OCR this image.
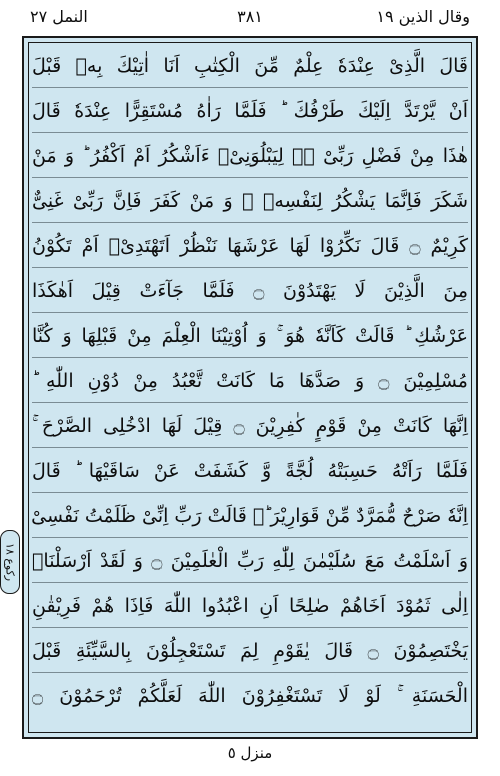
وقال الذين ١٩
٣٨١
النمل ٢٧
قَالَ الَّذِیْ عِنْدَهٗ عِلْمٌ مِّنَ الْكِتٰبِ اَنَا اٰتِیْكَ بِهٖ قَبْلَ
اَنْ یَّرْتَدَّ اِلَیْكَ طَرْفُكَ ؕ فَلَمَّا رَاٰهُ مُسْتَقِرًّا عِنْدَهٗ قَالَ
هٰذَا مِنْ فَضْلِ رَبِّیْ ۖ۫ لِیَبْلُوَنِیْۤ ءَاَشْكُرُ اَمْ اَكْفُرُ ؕ وَ مَنْ
شَكَرَ فَاِنَّمَا یَشْكُرُ لِنَفْسِهٖ ۚ وَ مَنْ كَفَرَ فَاِنَّ رَبِّیْ غَنِیٌّ
كَرِیْمٌ ۝ قَالَ نَكِّرُوْا لَهَا عَرْشَهَا نَنْظُرْ اَتَهْتَدِیْۤ اَمْ تَكُوْنُ
مِنَ الَّذِیْنَ لَا یَهْتَدُوْنَ ۝ فَلَمَّا جَآءَتْ قِیْلَ اَهٰكَذَا
عَرْشُكِ ؕ قَالَتْ كَاَنَّهٗ هُوَ ۚ وَ اُوْتِیْنَا الْعِلْمَ مِنْ قَبْلِهَا وَ كُنَّا
مُسْلِمِیْنَ ۝ وَ صَدَّهَا مَا كَانَتْ تَّعْبُدُ مِنْ دُوْنِ اللّٰهِ ؕ
اِنَّهَا كَانَتْ مِنْ قَوْمٍ كٰفِرِیْنَ ۝ قِیْلَ لَهَا ادْخُلِی الصَّرْحَ ۚ
فَلَمَّا رَاَتْهُ حَسِبَتْهُ لُجَّةً وَّ كَشَفَتْ عَنْ سَاقَیْهَا ؕ قَالَ
اِنَّهٗ صَرْحٌ مُّمَرَّدٌ مِّنْ قَوَارِیْرَ ؕ۬ قَالَتْ رَبِّ اِنِّیْ ظَلَمْتُ نَفْسِیْ
وَ اَسْلَمْتُ مَعَ سُلَیْمٰنَ لِلّٰهِ رَبِّ الْعٰلَمِیْنَ ۝ وَ لَقَدْ اَرْسَلْنَاۤ
اِلٰی ثَمُوْدَ اَخَاهُمْ صٰلِحًا اَنِ اعْبُدُوا اللّٰهَ فَاِذَا هُمْ فَرِیْقٰنِ
یَخْتَصِمُوْنَ ۝ قَالَ یٰقَوْمِ لِمَ تَسْتَعْجِلُوْنَ بِالسَّیِّئَةِ قَبْلَ
الْحَسَنَةِ ۚ لَوْ لَا تَسْتَغْفِرُوْنَ اللّٰهَ لَعَلَّكُمْ تُرْحَمُوْنَ ۝
رکوع ١٨
منزل ٥
